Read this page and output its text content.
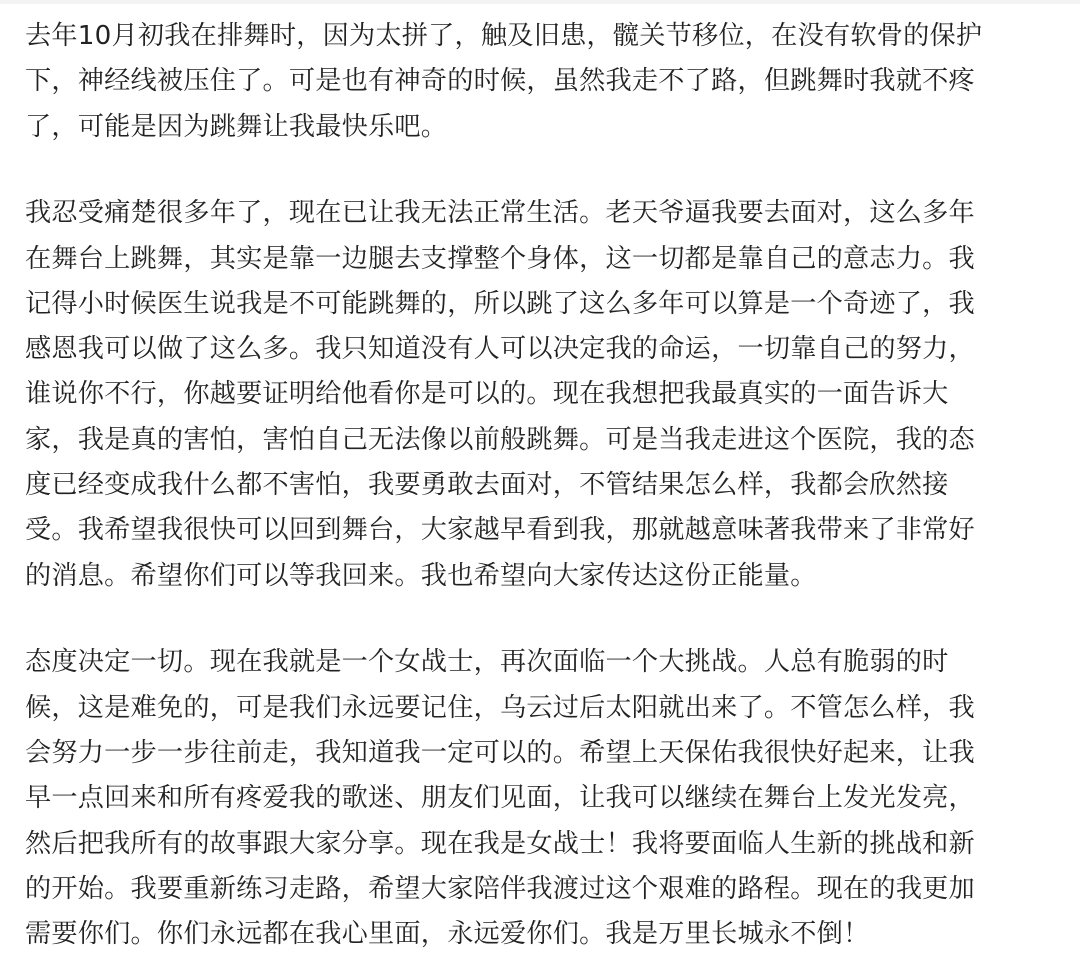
去年10月初我在排舞时，因为太拼了，触及旧患，髋关节移位，在没有软骨的保护
下，神经线被压住了。可是也有神奇的时候，虽然我走不了路，但跳舞时我就不疼
了，可能是因为跳舞让我最快乐吧。

我忍受痛楚很多年了，现在已让我无法正常生活。老天爷逼我要去面对，这么多年
在舞台上跳舞，其实是靠一边腿去支撑整个身体，这一切都是靠自己的意志力。我
记得小时候医生说我是不可能跳舞的，所以跳了这么多年可以算是一个奇迹了，我
感恩我可以做了这么多。我只知道没有人可以决定我的命运，一切靠自己的努力，
谁说你不行，你越要证明给他看你是可以的。现在我想把我最真实的一面告诉大
家，我是真的害怕，害怕自己无法像以前般跳舞。可是当我走进这个医院，我的态
度已经变成我什么都不害怕，我要勇敢去面对，不管结果怎么样，我都会欣然接
受。我希望我很快可以回到舞台，大家越早看到我，那就越意味著我带来了非常好
的消息。希望你们可以等我回来。我也希望向大家传达这份正能量。

态度决定一切。现在我就是一个女战士，再次面临一个大挑战。人总有脆弱的时
候，这是难免的，可是我们永远要记住，乌云过后太阳就出来了。不管怎么样，我
会努力一步一步往前走，我知道我一定可以的。希望上天保佑我很快好起来，让我
早一点回来和所有疼爱我的歌迷、朋友们见面，让我可以继续在舞台上发光发亮，
然后把我所有的故事跟大家分享。现在我是女战士！我将要面临人生新的挑战和新
的开始。我要重新练习走路，希望大家陪伴我渡过这个艰难的路程。现在的我更加
需要你们。你们永远都在我心里面，永远爱你们。我是万里长城永不倒！
